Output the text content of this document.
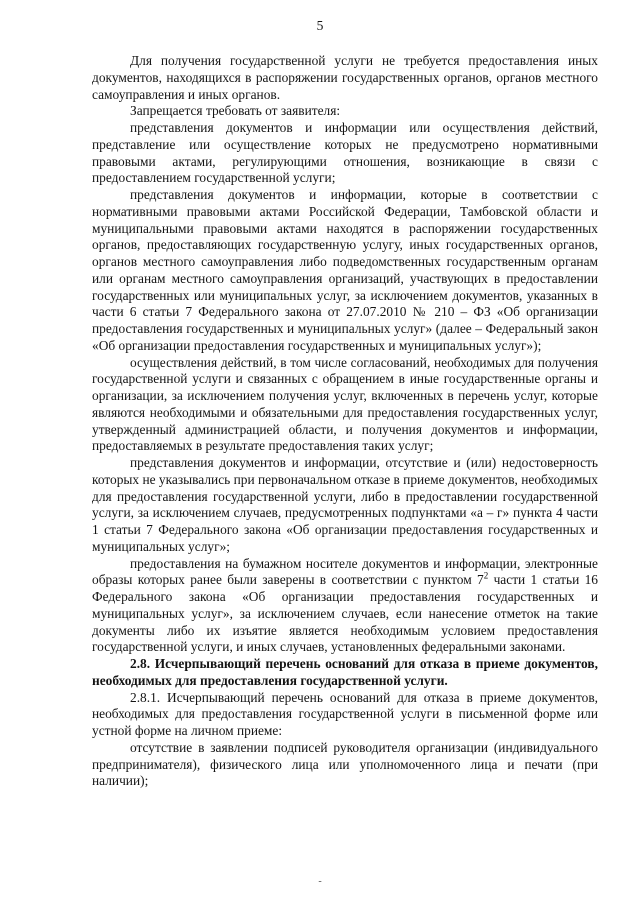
5

Для получения государственной услуги не требуется предоставления иных документов, находящихся в распоряжении государственных органов, органов местного самоуправления и иных органов.

Запрещается требовать от заявителя:

представления документов и информации или осуществления действий, представление или осуществление которых не предусмотрено нормативными правовыми актами, регулирующими отношения, возникающие в связи с предоставлением государственной услуги;

представления документов и информации, которые в соответствии с нормативными правовыми актами Российской Федерации, Тамбовской области и муниципальными правовыми актами находятся в распоряжении государственных органов, предоставляющих государственную услугу, иных государственных органов, органов местного самоуправления либо подведомственных государственным органам или органам местного самоуправления организаций, участвующих в предоставлении государственных или муниципальных услуг, за исключением документов, указанных в части 6 статьи 7 Федерального закона от 27.07.2010 № 210 – ФЗ «Об организации предоставления государственных и муниципальных услуг» (далее – Федеральный закон «Об организации предоставления государственных и муниципальных услуг»);

осуществления действий, в том числе согласований, необходимых для получения государственной услуги и связанных с обращением в иные государственные органы и организации, за исключением получения услуг, включенных в перечень услуг, которые являются необходимыми и обязательными для предоставления государственных услуг, утвержденный администрацией области, и получения документов и информации, предоставляемых в результате предоставления таких услуг;

представления документов и информации, отсутствие и (или) недостоверность которых не указывались при первоначальном отказе в приеме документов, необходимых для предоставления государственной услуги, либо в предоставлении государственной услуги, за исключением случаев, предусмотренных подпунктами «а – г» пункта 4 части 1 статьи 7 Федерального закона «Об организации предоставления государственных и муниципальных услуг»;

предоставления на бумажном носителе документов и информации, электронные образы которых ранее были заверены в соответствии с пунктом $7^2$ части 1 статьи 16 Федерального закона «Об организации предоставления государственных и муниципальных услуг», за исключением случаев, если нанесение отметок на такие документы либо их изъятие является необходимым условием предоставления государственной услуги, и иных случаев, установленных федеральными законами.

2.8. Исчерпывающий перечень оснований для отказа в приеме документов, необходимых для предоставления государственной услуги.

2.8.1. Исчерпывающий перечень оснований для отказа в приеме документов, необходимых для предоставления государственной услуги в письменной форме или устной форме на личном приеме:

отсутствие в заявлении подписей руководителя организации (индивидуального предпринимателя), физического лица или уполномоченного лица и печати (при наличии);

-
